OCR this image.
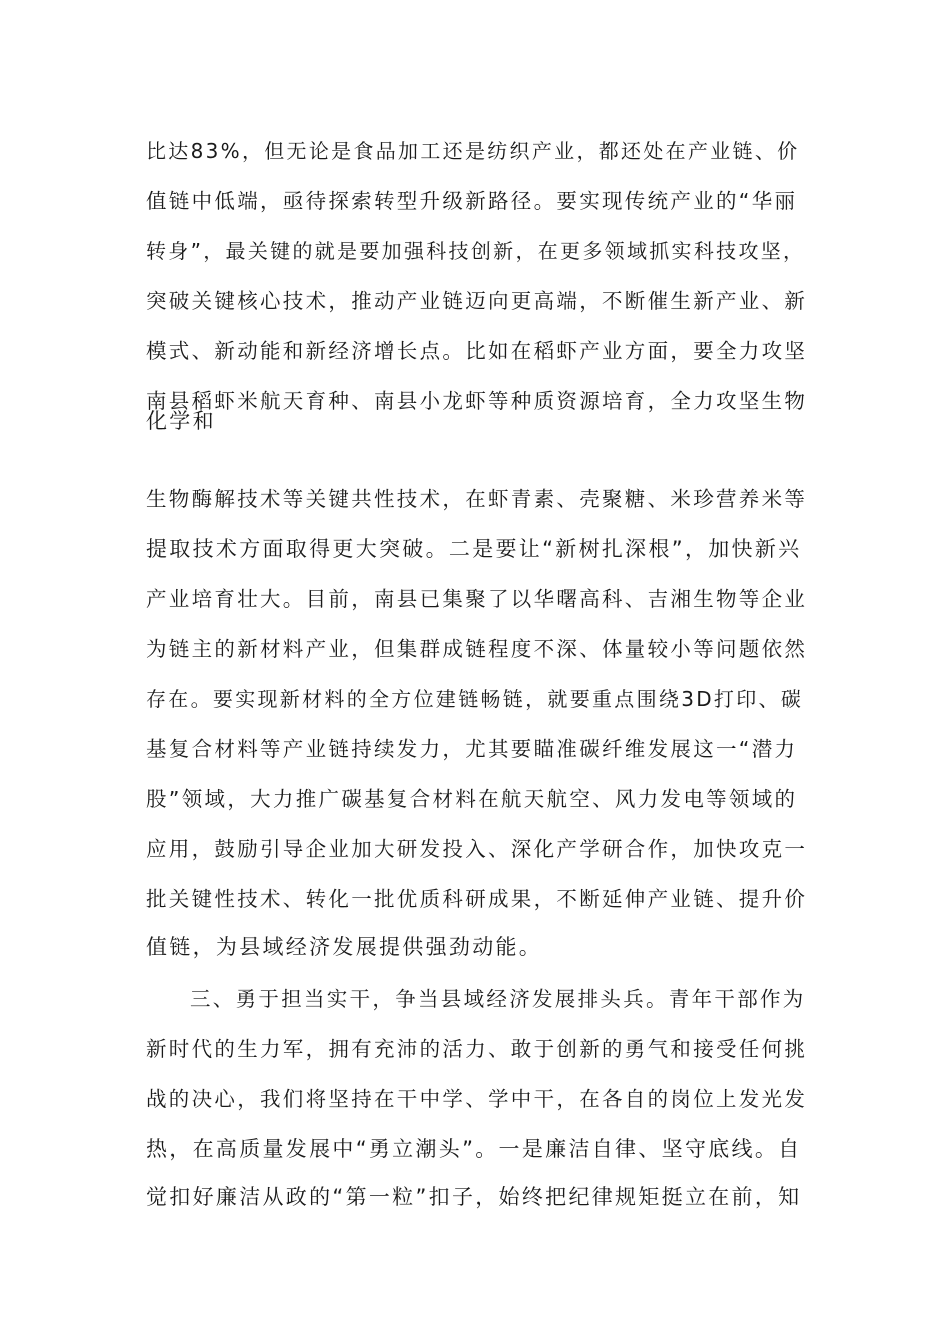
比达83%，但无论是食品加工还是纺织产业，都还处在产业链、价

值链中低端，亟待探索转型升级新路径。要实现传统产业的“华丽

转身”，最关键的就是要加强科技创新，在更多领域抓实科技攻坚，

突破关键核心技术，推动产业链迈向更高端，不断催生新产业、新

模式、新动能和新经济增长点。比如在稻虾产业方面，要全力攻坚

南县稻虾米航天育种、南县小龙虾等种质资源培育，全力攻坚生物

化学和

生物酶解技术等关键共性技术，在虾青素、壳聚糖、米珍营养米等

提取技术方面取得更大突破。二是要让“新树扎深根”，加快新兴

产业培育壮大。目前，南县已集聚了以华曙高科、吉湘生物等企业

为链主的新材料产业，但集群成链程度不深、体量较小等问题依然

存在。要实现新材料的全方位建链畅链，就要重点围绕3D打印、碳

基复合材料等产业链持续发力，尤其要瞄准碳纤维发展这一“潜力

股”领域，大力推广碳基复合材料在航天航空、风力发电等领域的

应用，鼓励引导企业加大研发投入、深化产学研合作，加快攻克一

批关键性技术、转化一批优质科研成果，不断延伸产业链、提升价

值链，为县域经济发展提供强劲动能。

三、勇于担当实干，争当县域经济发展排头兵。青年干部作为

新时代的生力军，拥有充沛的活力、敢于创新的勇气和接受任何挑

战的决心，我们将坚持在干中学、学中干，在各自的岗位上发光发

热，在高质量发展中“勇立潮头”。一是廉洁自律、坚守底线。自

觉扣好廉洁从政的“第一粒”扣子，始终把纪律规矩挺立在前，知
